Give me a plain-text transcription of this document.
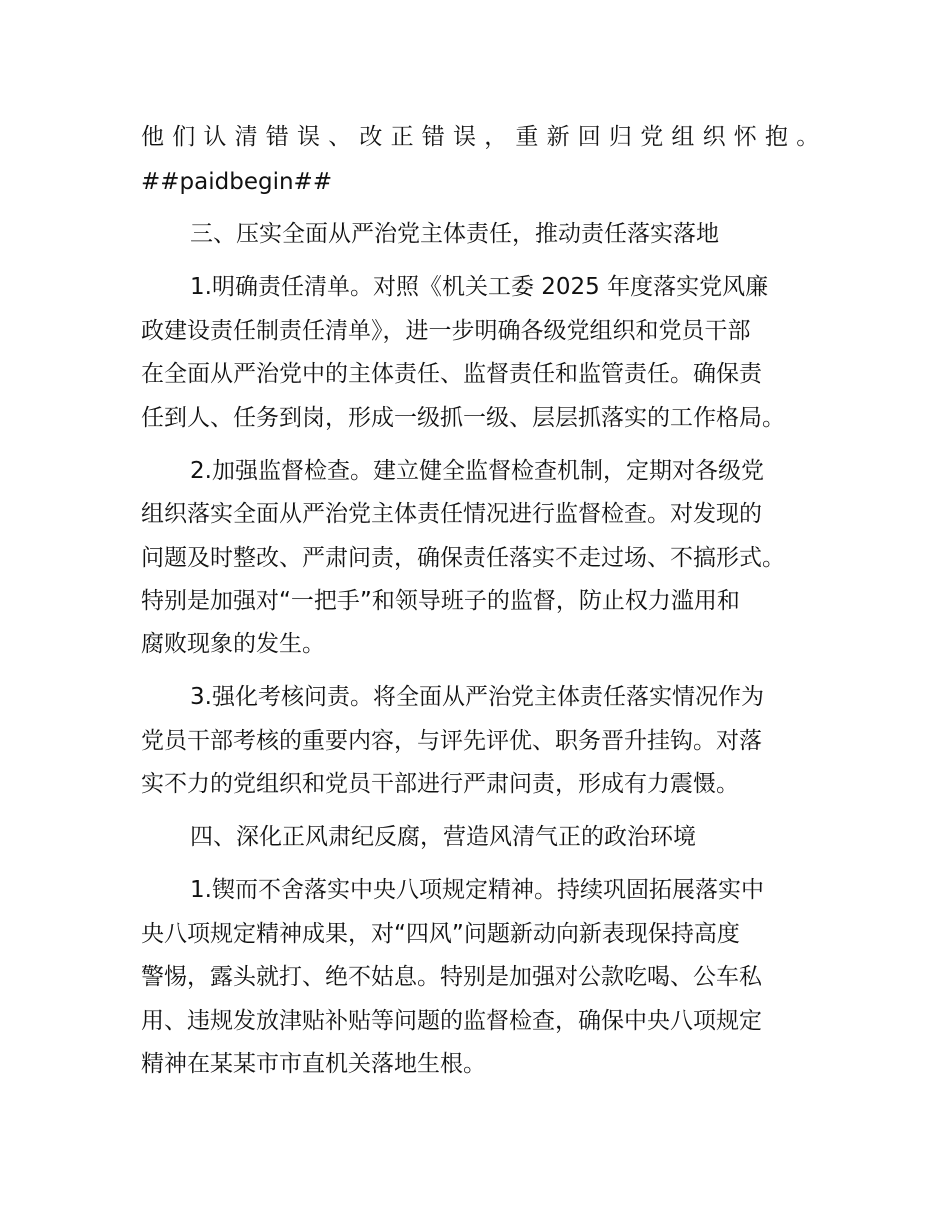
他们认清错误、改正错误，重新回归党组织怀抱。
##paidbegin##
三、压实全面从严治党主体责任，推动责任落实落地
1.明确责任清单。对照《机关工委 2025 年度落实党风廉
政建设责任制责任清单》，进一步明确各级党组织和党员干部
在全面从严治党中的主体责任、监督责任和监管责任。确保责
任到人、任务到岗，形成一级抓一级、层层抓落实的工作格局。
2.加强监督检查。建立健全监督检查机制，定期对各级党
组织落实全面从严治党主体责任情况进行监督检查。对发现的
问题及时整改、严肃问责，确保责任落实不走过场、不搞形式。
特别是加强对“一把手”和领导班子的监督，防止权力滥用和
腐败现象的发生。
3.强化考核问责。将全面从严治党主体责任落实情况作为
党员干部考核的重要内容，与评先评优、职务晋升挂钩。对落
实不力的党组织和党员干部进行严肃问责，形成有力震慑。
四、深化正风肃纪反腐，营造风清气正的政治环境
1.锲而不舍落实中央八项规定精神。持续巩固拓展落实中
央八项规定精神成果，对“四风”问题新动向新表现保持高度
警惕，露头就打、绝不姑息。特别是加强对公款吃喝、公车私
用、违规发放津贴补贴等问题的监督检查，确保中央八项规定
精神在某某市市直机关落地生根。
